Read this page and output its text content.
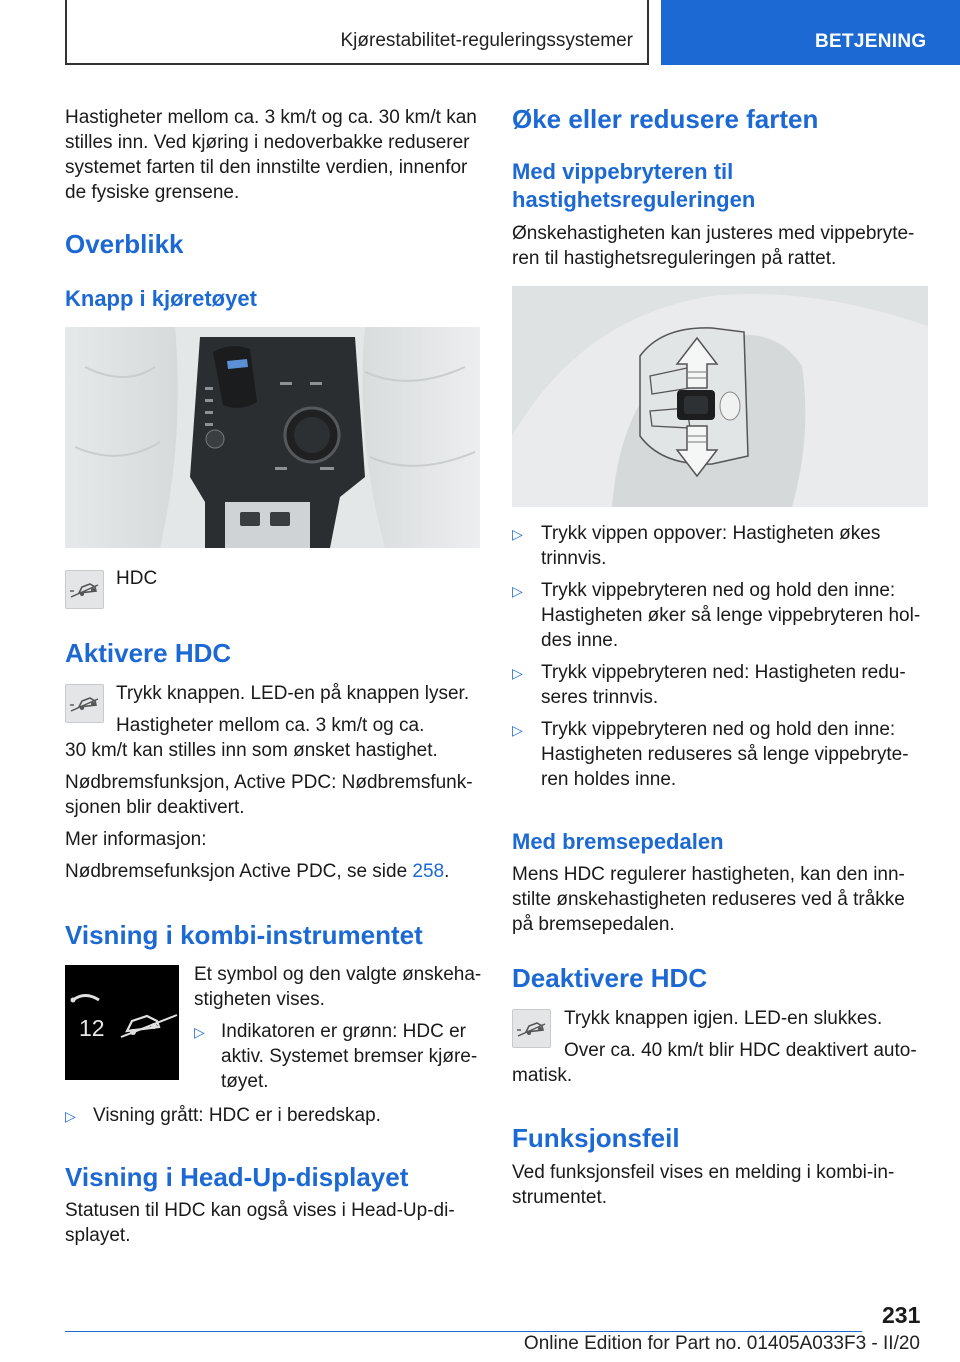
Kjørestabilitet-reguleringssystemer	BETJENING
Hastigheter mellom ca. 3 km/t og ca. 30 km/t kan
stilles inn. Ved kjøring i nedoverbakke reduserer
systemet farten til den innstilte verdien, innenfor
de fysiske grensene.
Overblikk
Knapp i kjøretøyet
HDC
Aktivere HDC
Trykk knappen. LED-en på knappen lyser.
Hastigheter mellom ca. 3 km/t og ca.
30 km/t kan stilles inn som ønsket hastighet.
Nødbremsfunksjon, Active PDC: Nødbremsfunk-
sjonen blir deaktivert.
Mer informasjon:
Nødbremsefunksjon Active PDC, se side 258.
Visning i kombi-instrumentet
12
Et symbol og den valgte ønskeha-
stigheten vises.
▷ Indikatoren er grønn: HDC er
aktiv. Systemet bremser kjøre-
tøyet.
▷ Visning grått: HDC er i beredskap.
Visning i Head-Up-displayet
Statusen til HDC kan også vises i Head-Up-di-
splayet.
Øke eller redusere farten
Med vippebryteren til
hastighetsreguleringen
Ønskehastigheten kan justeres med vippebryte-
ren til hastighetsreguleringen på rattet.
▷ Trykk vippen oppover: Hastigheten økes
trinnvis.
▷ Trykk vippebryteren ned og hold den inne:
Hastigheten øker så lenge vippebryteren hol-
des inne.
▷ Trykk vippebryteren ned: Hastigheten redu-
seres trinnvis.
▷ Trykk vippebryteren ned og hold den inne:
Hastigheten reduseres så lenge vippebryte-
ren holdes inne.
Med bremsepedalen
Mens HDC regulerer hastigheten, kan den inn-
stilte ønskehastigheten reduseres ved å tråkke
på bremsepedalen.
Deaktivere HDC
Trykk knappen igjen. LED-en slukkes.
Over ca. 40 km/t blir HDC deaktivert auto-
matisk.
Funksjonsfeil
Ved funksjonsfeil vises en melding i kombi-in-
strumentet.
231
Online Edition for Part no. 01405A033F3 - II/20
